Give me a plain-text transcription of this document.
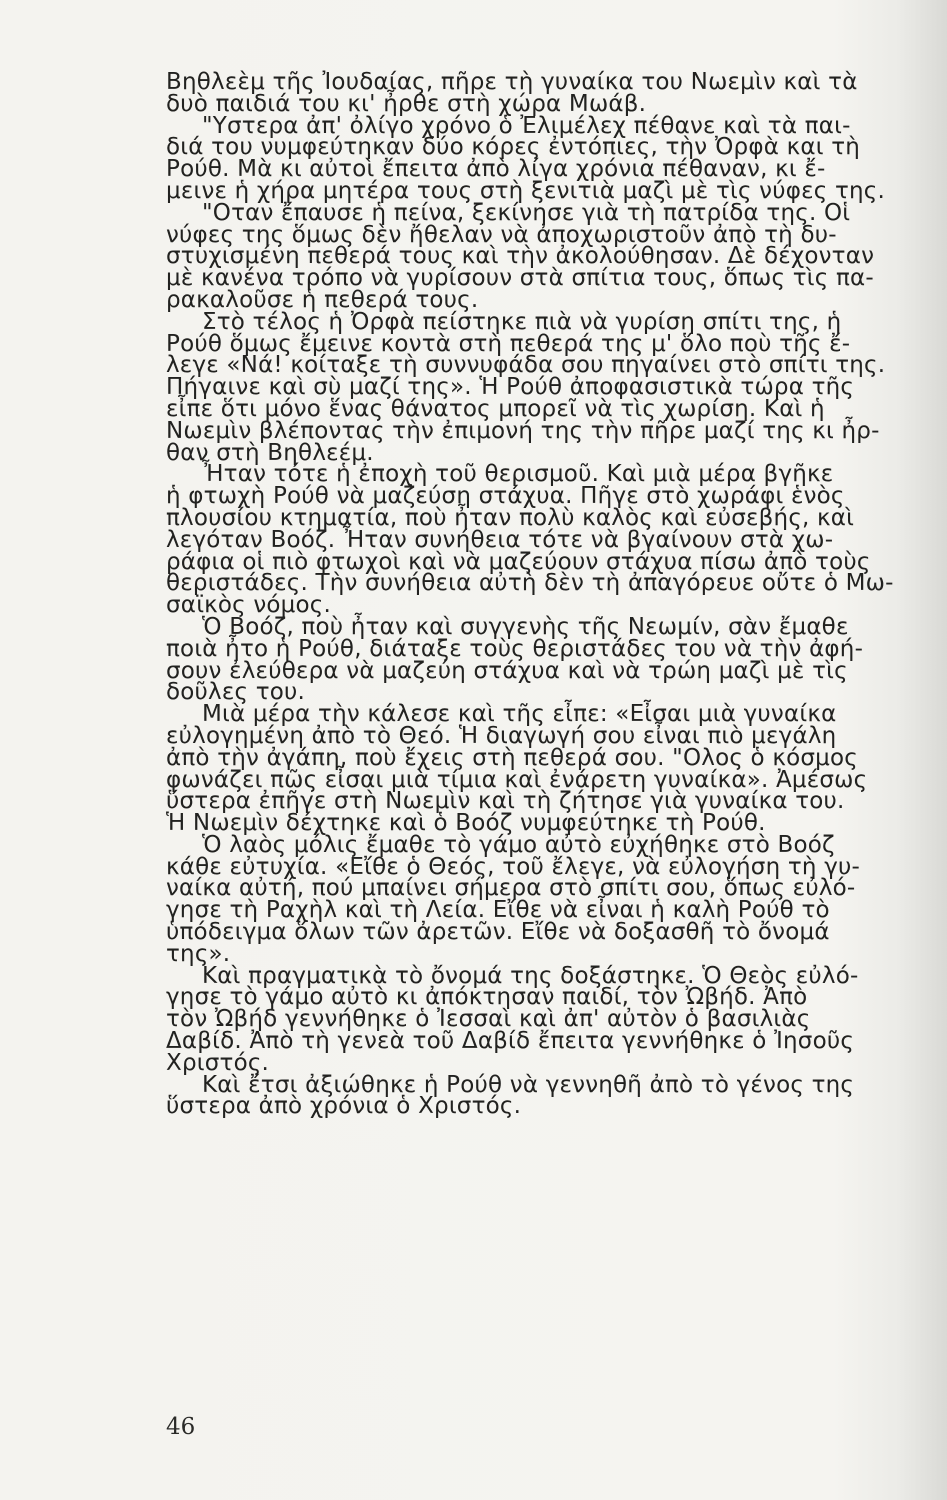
Βηθλεὲμ τῆς Ἰουδαίας, πῆρε τὴ γυναίκα του Νωεμὶν καὶ τὰ
δυὸ παιδιά του κι' ἦρθε στὴ χώρα Μωάβ.
"Υστερα ἀπ' ὀλίγο χρόνο ὁ Ἐλιμέλεχ πέθανε καὶ τὰ παι-
διά του νυμφεύτηκαν δύο κόρες ἐντόπιες, τὴν Ὀρφὰ και τὴ
Ρούθ. Μὰ κι αὐτοὶ ἔπειτα ἀπὸ λίγα χρόνια πέθαναν, κι ἔ-
μεινε ἡ χήρα μητέρα τους στὴ ξενιτιὰ μαζὶ μὲ τὶς νύφες της.
"Οταν ἔπαυσε ἡ πείνα, ξεκίνησε γιὰ τὴ πατρίδα της. Οἱ
νύφες της ὅμως δὲν ἤθελαν νὰ ἀποχωριστοῦν ἀπὸ τὴ δυ-
στυχισμένη πεθερά τους καὶ τὴν ἀκολούθησαν. Δὲ δέχονταν
μὲ κανένα τρόπο νὰ γυρίσουν στὰ σπίτια τους, ὅπως τὶς πα-
ρακαλοῦσε ἡ πεθερά τους.
Στὸ τέλος ἡ Ὀρφὰ πείστηκε πιὰ νὰ γυρίση σπίτι της, ἡ
Ρούθ ὅμως ἔμεινε κοντὰ στὴ πεθερά της μ' ὅλο ποὺ τῆς ἔ-
λεγε «Νά! κοίταξε τὴ συννυφάδα σου πηγαίνει στὸ σπίτι της.
Πήγαινε καὶ σὺ μαζί της». Ἡ Ρούθ ἀποφασιστικὰ τώρα τῆς
εἶπε ὅτι μόνο ἕνας θάνατος μπορεῖ νὰ τὶς χωρίση. Καὶ ἡ
Νωεμὶν βλέποντας τὴν ἐπιμονή της τὴν πῆρε μαζί της κι ἦρ-
θαν στὴ Βηθλεέμ.
Ἦταν τότε ἡ ἐποχὴ τοῦ θερισμοῦ. Καὶ μιὰ μέρα βγῆκε
ἡ φτωχὴ Ρούθ νὰ μαζεύση στάχυα. Πῆγε στὸ χωράφι ἑνὸς
πλουσίου κτηματία, ποὺ ἦταν πολὺ καλὸς καὶ εὐσεβής, καὶ
λεγόταν Βοόζ. Ἦταν συνήθεια τότε νὰ βγαίνουν στὰ χω-
ράφια οἱ πιὸ φτωχοὶ καὶ νὰ μαζεύουν στάχυα πίσω ἀπὸ τοὺς
θεριστάδες. Τὴν συνήθεια αὐτὴ δὲν τὴ ἀπαγόρευε οὔτε ὁ Μω-
σαϊκὸς νόμος.
Ὁ Βοόζ, ποὺ ἦταν καὶ συγγενὴς τῆς Νεωμίν, σὰν ἔμαθε
ποιὰ ἦτο ἡ Ρούθ, διάταξε τοὺς θεριστάδες του νὰ τὴν ἀφή-
σουν ἐλεύθερα νὰ μαζεύη στάχυα καὶ νὰ τρώη μαζὶ μὲ τὶς
δοῦλες του.
Μιὰ μέρα τὴν κάλεσε καὶ τῆς εἶπε: «Εἶσαι μιὰ γυναίκα
εὐλογημένη ἀπὸ τὸ Θεό. Ἡ διαγωγή σου εἶναι πιὸ μεγάλη
ἀπὸ τὴν ἀγάπη, ποὺ ἔχεις στὴ πεθερά σου. "Ολος ὁ κόσμος
φωνάζει πῶς εἶσαι μιὰ τίμια καὶ ἐνάρετη γυναίκα». Ἀμέσως
ὕστερα ἐπῆγε στὴ Νωεμὶν καὶ τὴ ζήτησε γιὰ γυναίκα του.
Ἡ Νωεμὶν δέχτηκε καὶ ὁ Βοόζ νυμφεύτηκε τὴ Ρούθ.
Ὁ λαὸς μόλις ἔμαθε τὸ γάμο αὐτὸ εὐχήθηκε στὸ Βοόζ
κάθε εὐτυχία. «Εἴθε ὁ Θεός, τοῦ ἔλεγε, νὰ εὐλογήση τὴ γυ-
ναίκα αὐτή, πού μπαίνει σήμερα στὸ σπίτι σου, ὅπως εὐλό-
γησε τὴ Ραχὴλ καὶ τὴ Λεία. Εἴθε νὰ εἶναι ἡ καλὴ Ρούθ τὸ
ὑπόδειγμα ὅλων τῶν ἀρετῶν. Εἴθε νὰ δοξασθῆ τὸ ὄνομά
της».
Καὶ πραγματικὰ τὸ ὄνομά της δοξάστηκε. Ὁ Θεὸς εὐλό-
γησε τὸ γάμο αὐτὸ κι ἀπόκτησαν παιδί, τὸν Ὠβήδ. Ἀπὸ
τὸν Ὠβήδ γεννήθηκε ὁ Ἰεσσαὶ καὶ ἀπ' αὐτὸν ὁ βασιλιὰς
Δαβίδ. Ἀπὸ τὴ γενεὰ τοῦ Δαβίδ ἔπειτα γεννήθηκε ὁ Ἰησοῦς
Χριστός.
Καὶ ἔτσι ἀξιώθηκε ἡ Ρούθ νὰ γεννηθῆ ἀπὸ τὸ γένος της
ὕστερα ἀπὸ χρόνια ὁ Χριστός.
46
